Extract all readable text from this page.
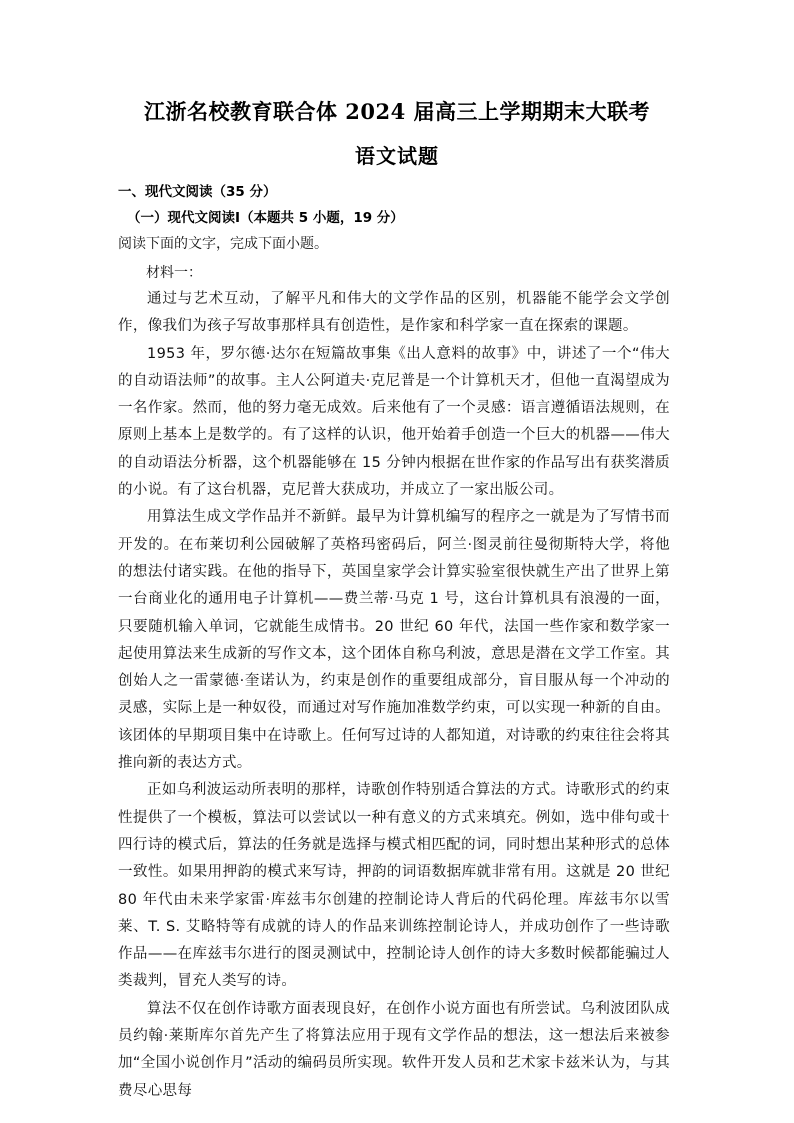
江浙名校教育联合体 2024 届高三上学期期末大联考
语文试题
一、现代文阅读（35 分）
（一）现代文阅读Ⅰ（本题共 5 小题，19 分）
阅读下面的文字，完成下面小题。
材料一：

通过与艺术互动，了解平凡和伟大的文学作品的区别，机器能不能学会文学创作，像我们为孩子写故事那样具有创造性，是作家和科学家一直在探索的课题。

1953 年，罗尔德·达尔在短篇故事集《出人意料的故事》中，讲述了一个“伟大的自动语法师”的故事。主人公阿道夫·克尼普是一个计算机天才，但他一直渴望成为一名作家。然而，他的努力毫无成效。后来他有了一个灵感：语言遵循语法规则，在原则上基本上是数学的。有了这样的认识，他开始着手创造一个巨大的机器——伟大的自动语法分析器，这个机器能够在 15 分钟内根据在世作家的作品写出有获奖潜质的小说。有了这台机器，克尼普大获成功，并成立了一家出版公司。

用算法生成文学作品并不新鲜。最早为计算机编写的程序之一就是为了写情书而开发的。在布莱切利公园破解了英格玛密码后，阿兰·图灵前往曼彻斯特大学，将他的想法付诸实践。在他的指导下，英国皇家学会计算实验室很快就生产出了世界上第一台商业化的通用电子计算机——费兰蒂·马克 1 号，这台计算机具有浪漫的一面，只要随机输入单词，它就能生成情书。20 世纪 60 年代，法国一些作家和数学家一起使用算法来生成新的写作文本，这个团体自称乌利波，意思是潜在文学工作室。其创始人之一雷蒙德·奎诺认为，约束是创作的重要组成部分，盲目服从每一个冲动的灵感，实际上是一种奴役，而通过对写作施加准数学约束，可以实现一种新的自由。该团体的早期项目集中在诗歌上。任何写过诗的人都知道，对诗歌的约束往往会将其推向新的表达方式。

正如乌利波运动所表明的那样，诗歌创作特别适合算法的方式。诗歌形式的约束性提供了一个模板，算法可以尝试以一种有意义的方式来填充。例如，选中俳句或十四行诗的模式后，算法的任务就是选择与模式相匹配的词，同时想出某种形式的总体一致性。如果用押韵的模式来写诗，押韵的词语数据库就非常有用。这就是 20 世纪 80 年代由未来学家雷·库兹韦尔创建的控制论诗人背后的代码伦理。库兹韦尔以雪莱、T. S. 艾略特等有成就的诗人的作品来训练控制论诗人，并成功创作了一些诗歌作品——在库兹韦尔进行的图灵测试中，控制论诗人创作的诗大多数时候都能骗过人类裁判，冒充人类写的诗。

算法不仅在创作诗歌方面表现良好，在创作小说方面也有所尝试。乌利波团队成员约翰·莱斯库尔首先产生了将算法应用于现有文学作品的想法，这一想法后来被参加“全国小说创作月”活动的编码员所实现。软件开发人员和艺术家卡兹米认为，与其费尽心思每
